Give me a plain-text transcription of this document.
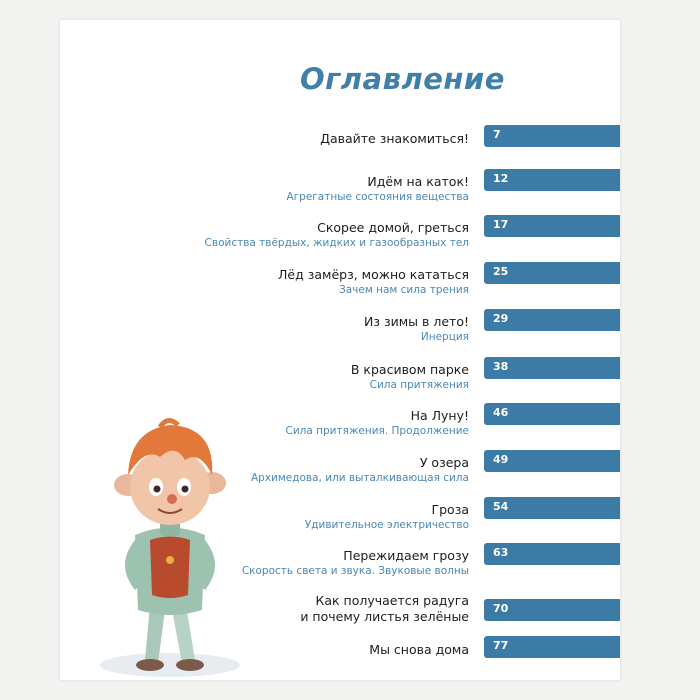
Оглавление
Давайте знакомиться! 7
Идём на каток!
Агрегатные состояния вещества
12
Скорее домой, греться
Свойства твёрдых, жидких и газообразных тел
17
Лёд замёрз, можно кататься
Зачем нам сила трения
25
Из зимы в лето!
Инерция
29
В красивом парке
Сила притяжения
38
На Луну!
Сила притяжения. Продолжение
46
У озера
Архимедова, или выталкивающая сила
49
Гроза
Удивительное электричество
54
Пережидаем грозу
Скорость света и звука. Звуковые волны
63
Как получается радуга
и почему листья зелёные
70
Мы снова дома 77
